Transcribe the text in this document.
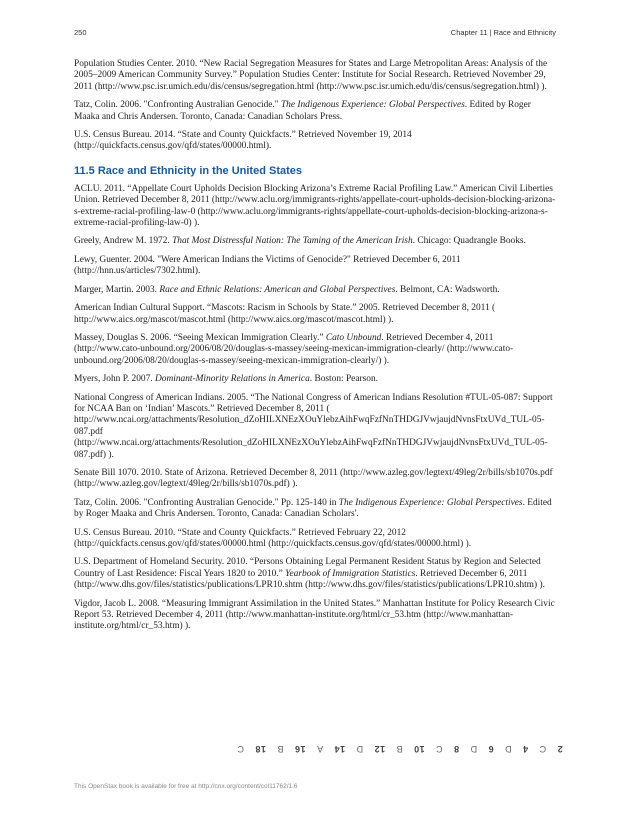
250	Chapter 11 | Race and Ethnicity

Population Studies Center. 2010. “New Racial Segregation Measures for States and Large Metropolitan Areas: Analysis of the 2005–2009 American Community Survey.” Population Studies Center: Institute for Social Research. Retrieved November 29, 2011 (http://www.psc.isr.umich.edu/dis/census/segregation.html (http://www.psc.isr.umich.edu/dis/census/segregation.html) ).

Tatz, Colin. 2006. "Confronting Australian Genocide." The Indigenous Experience: Global Perspectives. Edited by Roger Maaka and Chris Andersen. Toronto, Canada: Canadian Scholars Press.

U.S. Census Bureau. 2014. “State and County Quickfacts.” Retrieved November 19, 2014 (http://quickfacts.census.gov/qfd/states/00000.html).

11.5 Race and Ethnicity in the United States

ACLU. 2011. “Appellate Court Upholds Decision Blocking Arizona’s Extreme Racial Profiling Law.” American Civil Liberties Union. Retrieved December 8, 2011 (http://www.aclu.org/immigrants-rights/appellate-court-upholds-decision-blocking-arizona-s-extreme-racial-profiling-law-0 (http://www.aclu.org/immigrants-rights/appellate-court-upholds-decision-blocking-arizona-s-extreme-racial-profiling-law-0) ).

Greely, Andrew M. 1972. That Most Distressful Nation: The Taming of the American Irish. Chicago: Quadrangle Books.

Lewy, Guenter. 2004. "Were American Indians the Victims of Genocide?" Retrieved December 6, 2011 (http://hnn.us/articles/7302.html).

Marger, Martin. 2003. Race and Ethnic Relations: American and Global Perspectives. Belmont, CA: Wadsworth.

American Indian Cultural Support. “Mascots: Racism in Schools by State.” 2005. Retrieved December 8, 2011 ( http://www.aics.org/mascot/mascot.html (http://www.aics.org/mascot/mascot.html) ).

Massey, Douglas S. 2006. “Seeing Mexican Immigration Clearly.” Cato Unbound. Retrieved December 4, 2011 (http://www.cato-unbound.org/2006/08/20/douglas-s-massey/seeing-mexican-immigration-clearly/ (http://www.cato-unbound.org/2006/08/20/douglas-s-massey/seeing-mexican-immigration-clearly/) ).

Myers, John P. 2007. Dominant-Minority Relations in America. Boston: Pearson.

National Congress of American Indians. 2005. “The National Congress of American Indians Resolution #TUL-05-087: Support for NCAA Ban on ‘Indian’ Mascots.” Retrieved December 8, 2011 ( http://www.ncai.org/attachments/Resolution_dZoHILXNEzXOuYlebzAihFwqFzfNnTHDGJVwjaujdNvnsFtxUVd_TUL-05-087.pdf (http://www.ncai.org/attachments/Resolution_dZoHILXNEzXOuYlebzAihFwqFzfNnTHDGJVwjaujdNvnsFtxUVd_TUL-05-087.pdf) ).

Senate Bill 1070. 2010. State of Arizona. Retrieved December 8, 2011 (http://www.azleg.gov/legtext/49leg/2r/bills/sb1070s.pdf (http://www.azleg.gov/legtext/49leg/2r/bills/sb1070s.pdf) ).

Tatz, Colin. 2006. "Confronting Australian Genocide." Pp. 125-140 in The Indigenous Experience: Global Perspectives. Edited by Roger Maaka and Chris Andersen. Toronto, Canada: Canadian Scholars'.

U.S. Census Bureau. 2010. “State and County Quickfacts.” Retrieved February 22, 2012 (http://quickfacts.census.gov/qfd/states/00000.html (http://quickfacts.census.gov/qfd/states/00000.html) ).

U.S. Department of Homeland Security. 2010. “Persons Obtaining Legal Permanent Resident Status by Region and Selected Country of Last Residence: Fiscal Years 1820 to 2010.” Yearbook of Immigration Statistics. Retrieved December 6, 2011 (http://www.dhs.gov/files/statistics/publications/LPR10.shtm (http://www.dhs.gov/files/statistics/publications/LPR10.shtm) ).

Vigdor, Jacob L. 2008. “Measuring Immigrant Assimilation in the United States.” Manhattan Institute for Policy Research Civic Report 53. Retrieved December 4, 2011 (http://www.manhattan-institute.org/html/cr_53.htm (http://www.manhattan-institute.org/html/cr_53.htm) ).

2C4D6D8C10B12D14A16B18C
This OpenStax book is available for free at http://cnx.org/content/col11762/1.6
